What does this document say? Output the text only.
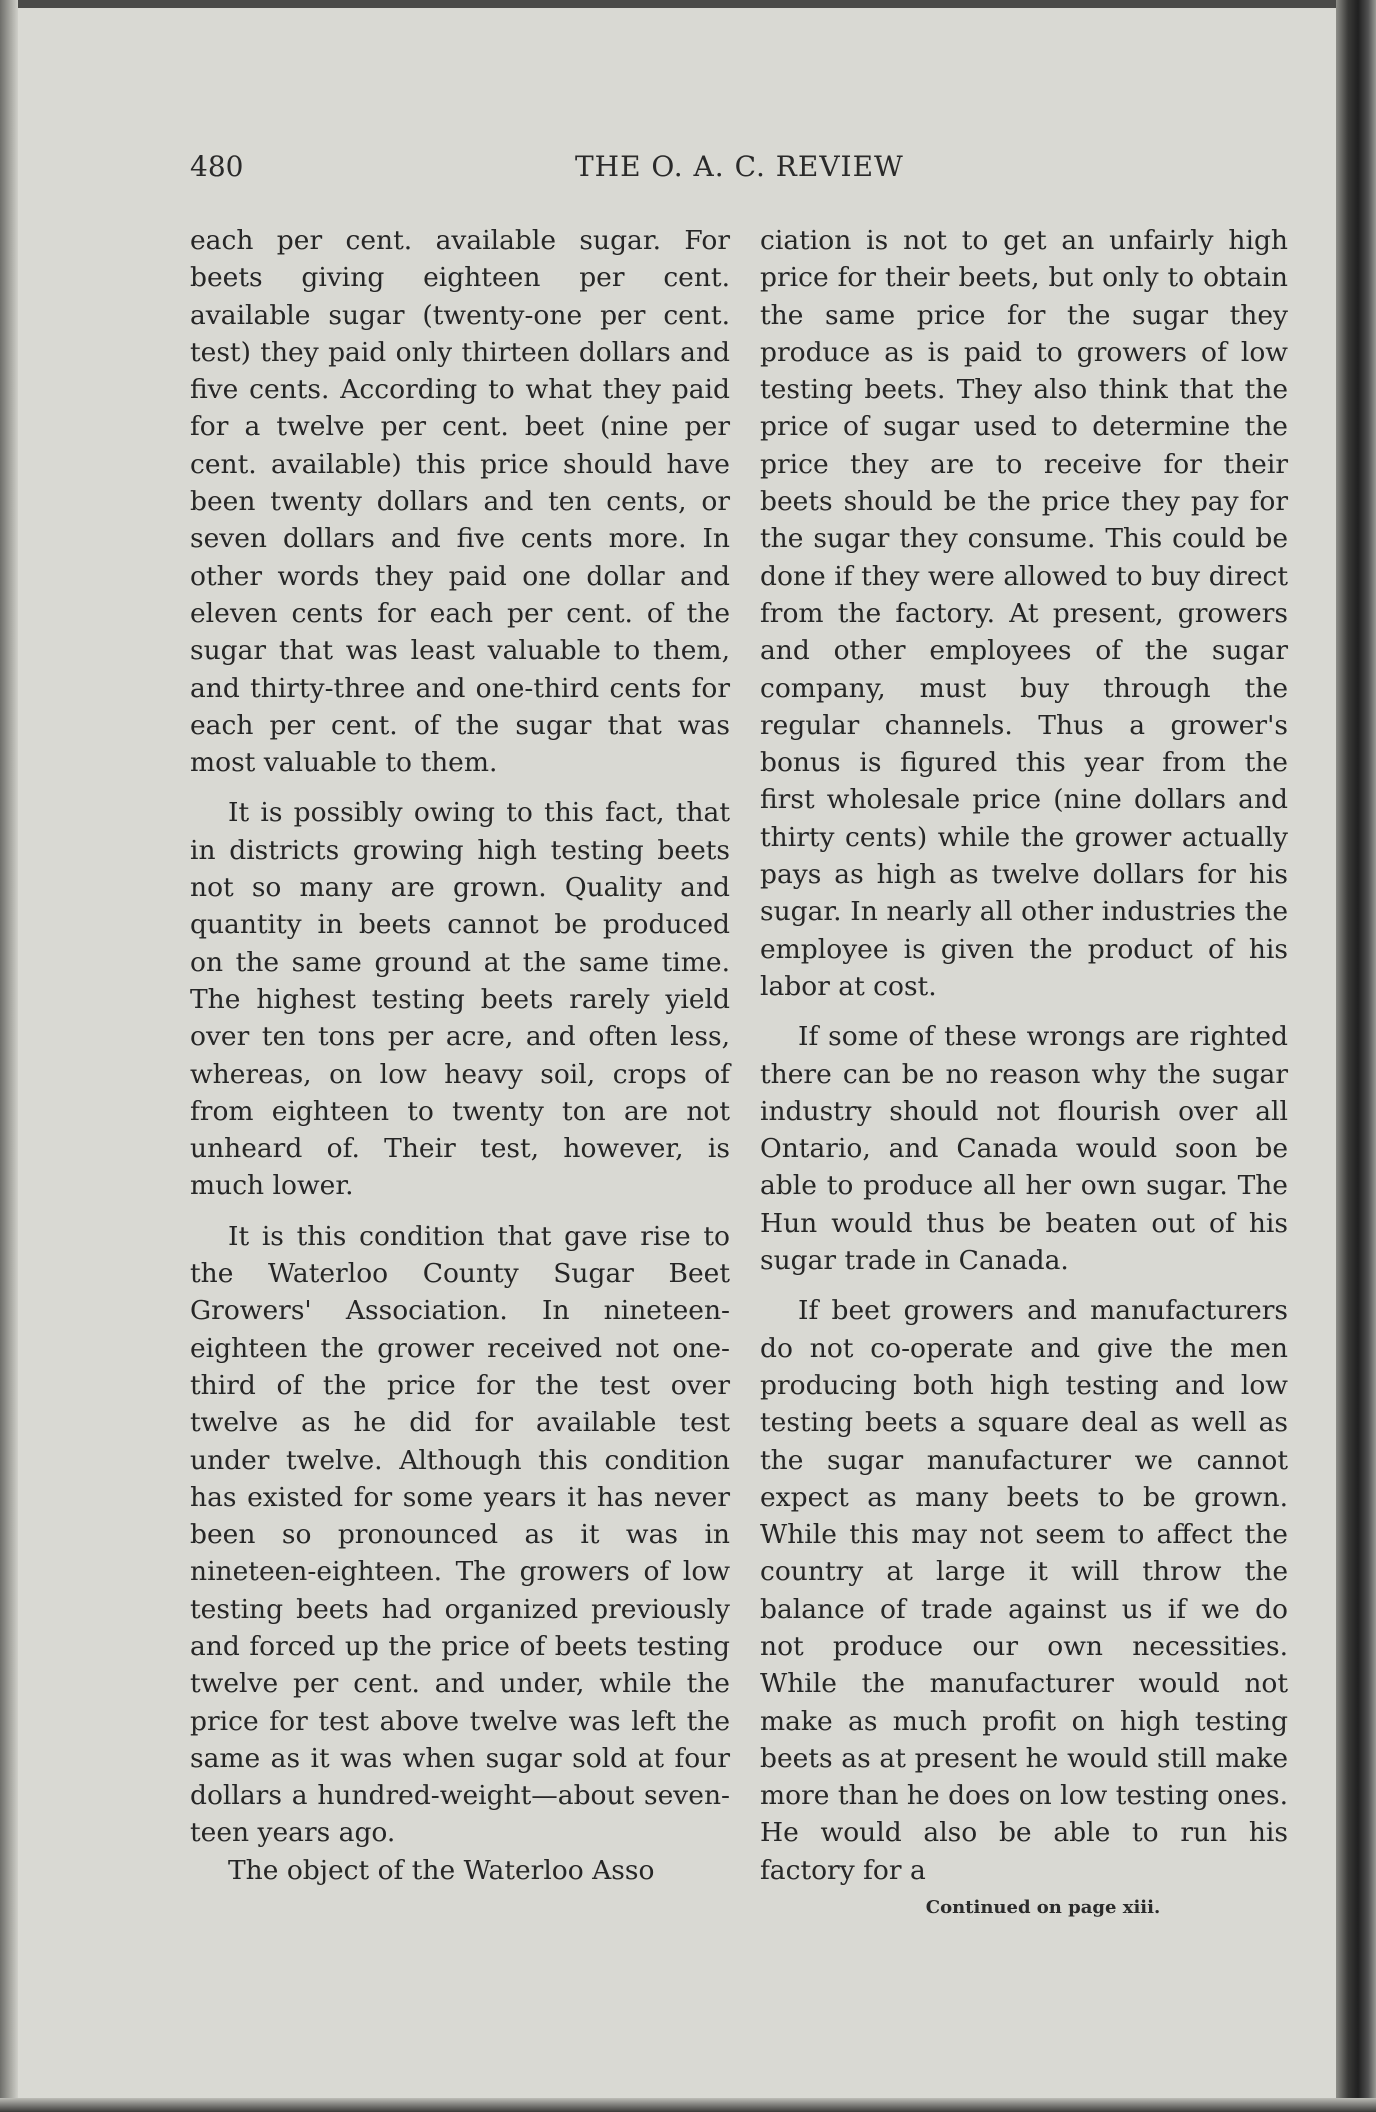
480	THE O. A. C. REVIEW

each per cent. available sugar. For beets giving eighteen per cent. available sugar (twenty-one per cent. test) they paid only thirteen dollars and five cents. According to what they paid for a twelve per cent. beet (nine per cent. available) this price should have been twenty dollars and ten cents, or seven dollars and five cents more. In other words they paid one dollar and eleven cents for each per cent. of the sugar that was least valuable to them, and thirty-three and one-third cents for each per cent. of the sugar that was most valuable to them.

It is possibly owing to this fact, that in districts growing high testing beets not so many are grown. Quality and quantity in beets cannot be produced on the same ground at the same time. The highest testing beets rarely yield over ten tons per acre, and often less, whereas, on low heavy soil, crops of from eighteen to twenty ton are not unheard of. Their test, however, is much lower.

It is this condition that gave rise to the Waterloo County Sugar Beet Growers' Association. In nineteen-eighteen the grower received not one-third of the price for the test over twelve as he did for available test under twelve. Although this condition has existed for some years it has never been so pronounced as it was in nineteen-eighteen. The growers of low testing beets had organized previously and forced up the price of beets testing twelve per cent. and under, while the price for test above twelve was left the same as it was when sugar sold at four dollars a hundred-weight—about seventeen years ago.

The object of the Waterloo Asso

ciation is not to get an unfairly high price for their beets, but only to obtain the same price for the sugar they produce as is paid to growers of low testing beets. They also think that the price of sugar used to determine the price they are to receive for their beets should be the price they pay for the sugar they consume. This could be done if they were allowed to buy direct from the factory. At present, growers and other employees of the sugar company, must buy through the regular channels. Thus a grower's bonus is figured this year from the first wholesale price (nine dollars and thirty cents) while the grower actually pays as high as twelve dollars for his sugar. In nearly all other industries the employee is given the product of his labor at cost.

If some of these wrongs are righted there can be no reason why the sugar industry should not flourish over all Ontario, and Canada would soon be able to produce all her own sugar. The Hun would thus be beaten out of his sugar trade in Canada.

If beet growers and manufacturers do not co-operate and give the men producing both high testing and low testing beets a square deal as well as the sugar manufacturer we cannot expect as many beets to be grown. While this may not seem to affect the country at large it will throw the balance of trade against us if we do not produce our own necessities. While the manufacturer would not make as much profit on high testing beets as at present he would still make more than he does on low testing ones. He would also be able to run his factory for a

Continued on page xiii.
